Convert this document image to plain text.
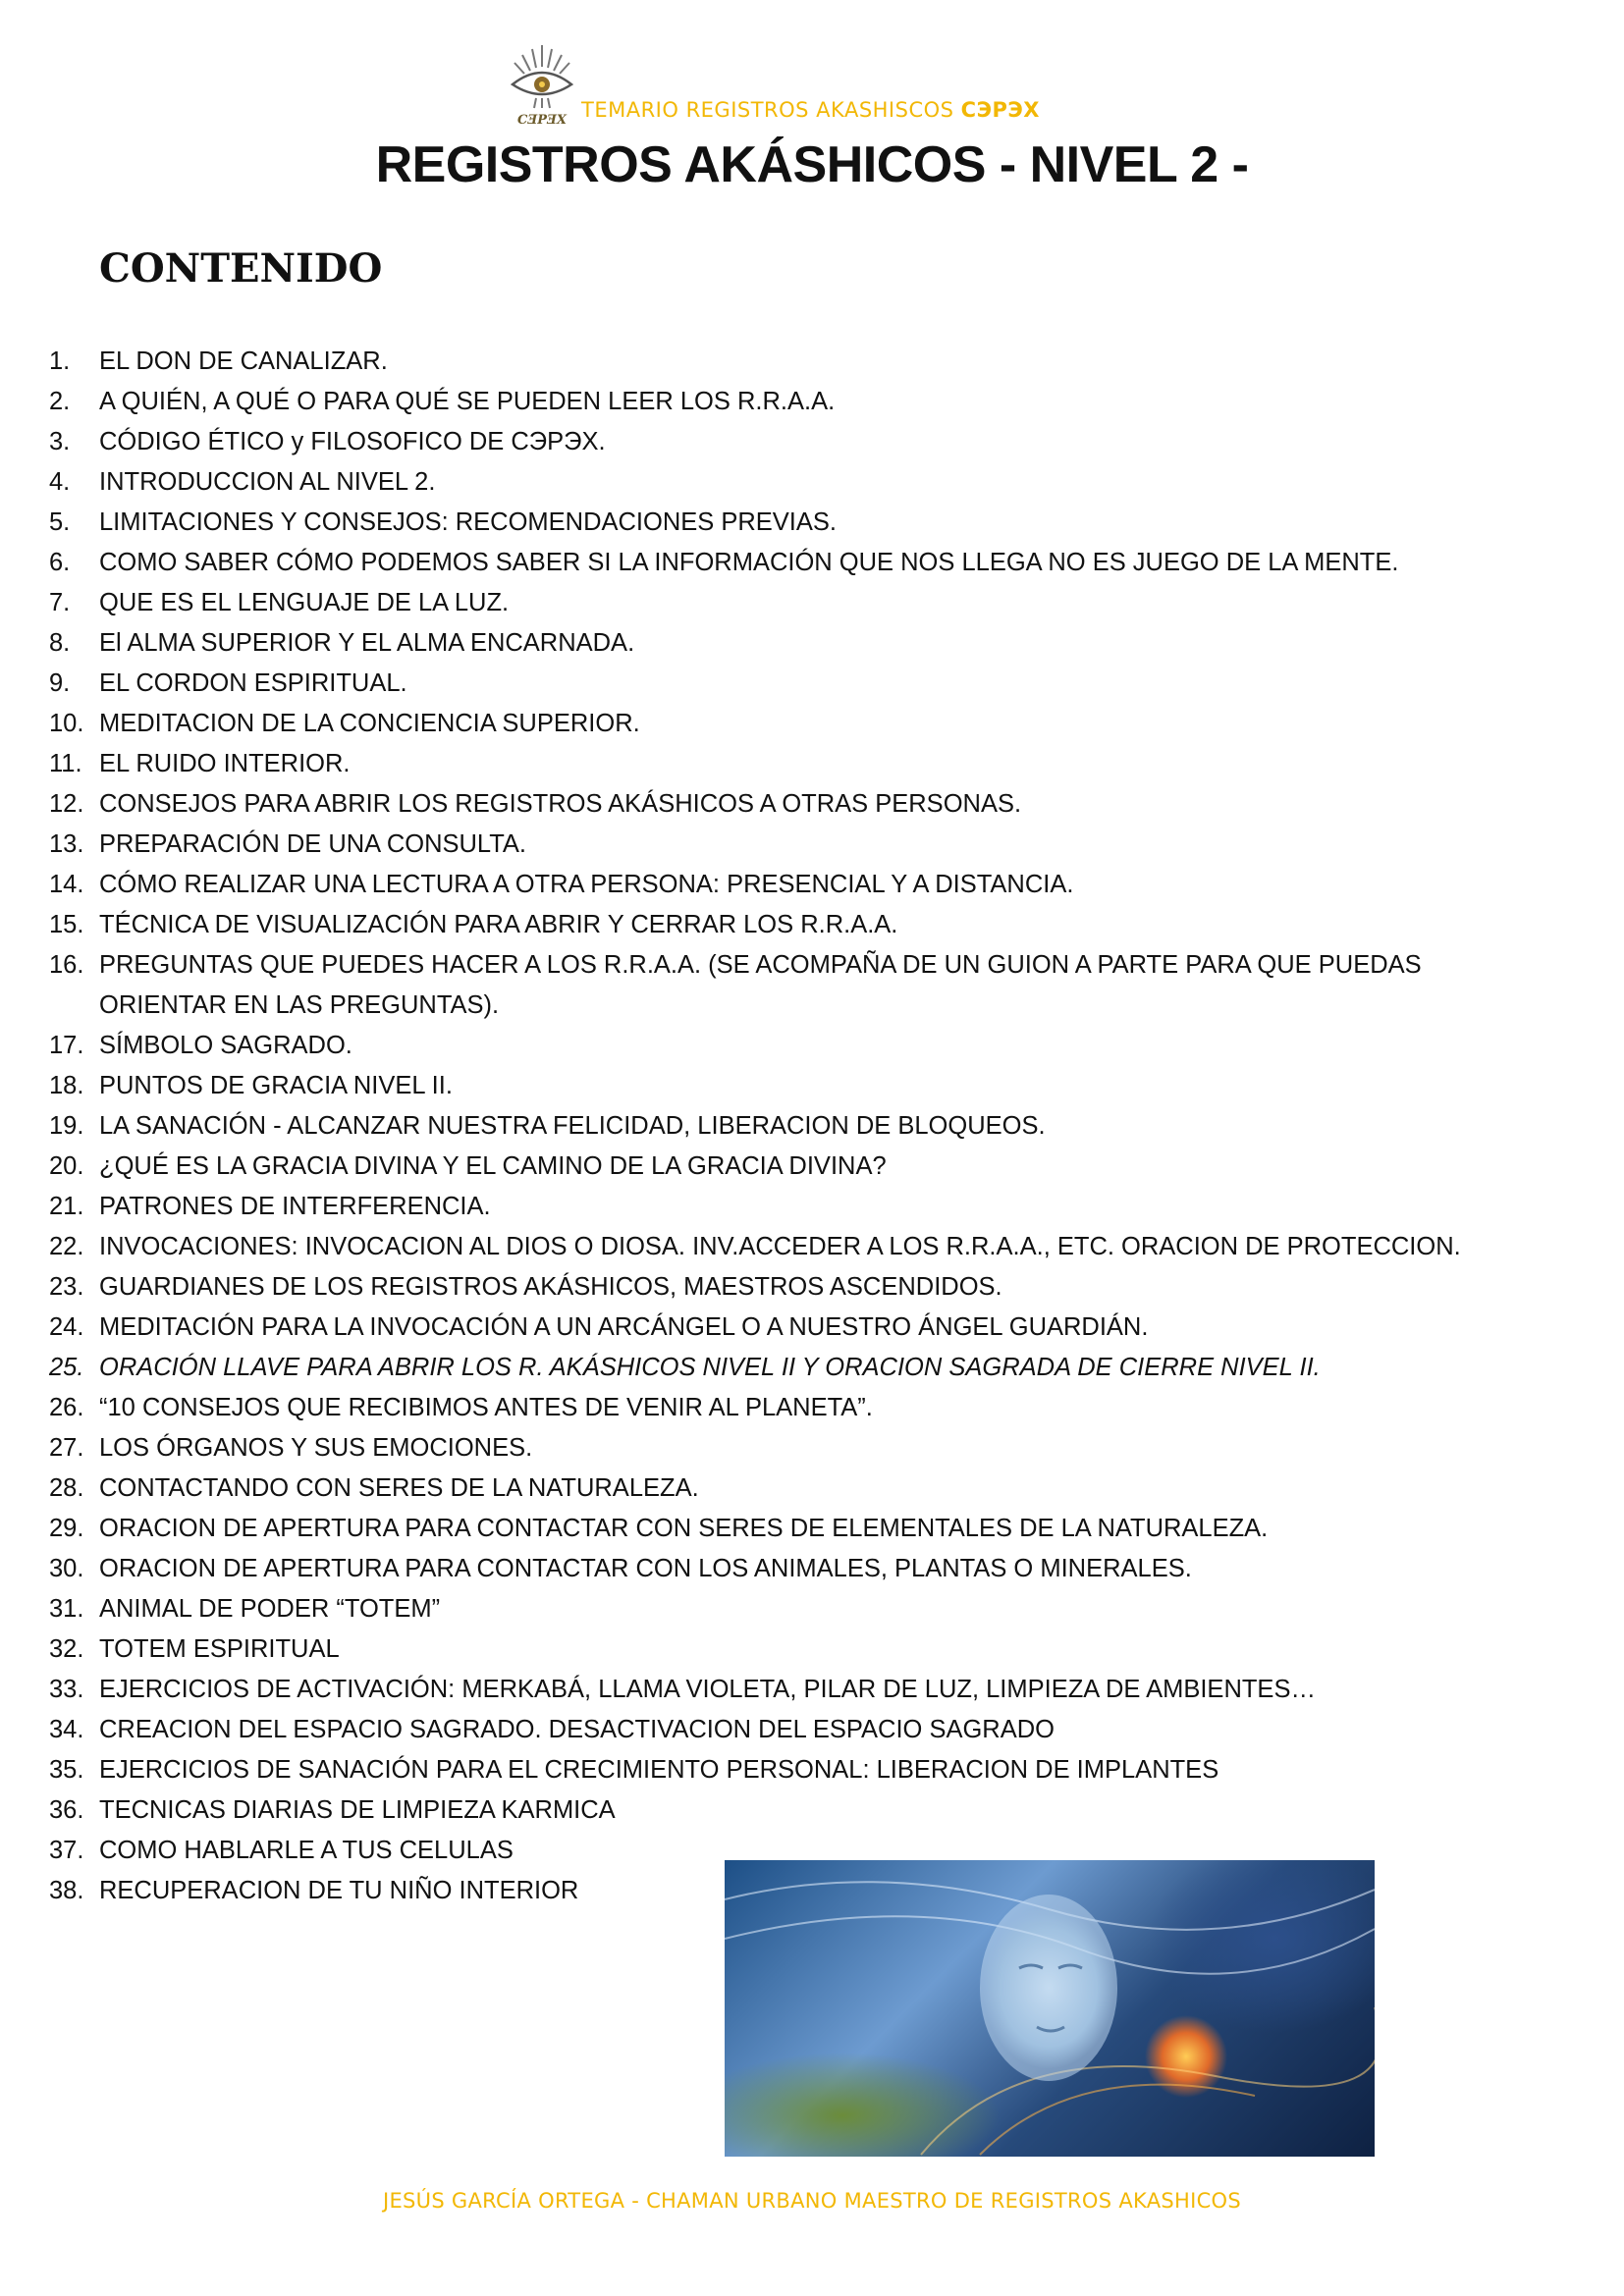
CƎPƎX TEMARIO REGISTROS AKASHISCOS CЭPЭX
REGISTROS AKÁSHICOS - NIVEL 2 -
CONTENIDO
1. EL DON DE CANALIZAR.
2. A QUIÉN, A QUÉ O PARA QUÉ SE PUEDEN LEER LOS R.R.A.A.
3. CÓDIGO ÉTICO y FILOSOFICO DE CЭPЭX.
4. INTRODUCCION AL NIVEL 2.
5. LIMITACIONES Y CONSEJOS: RECOMENDACIONES PREVIAS.
6. COMO SABER CÓMO PODEMOS SABER SI LA INFORMACIÓN QUE NOS LLEGA NO ES JUEGO DE LA MENTE.
7. QUE ES EL LENGUAJE DE LA LUZ.
8. El ALMA SUPERIOR Y EL ALMA ENCARNADA.
9. EL CORDON ESPIRITUAL.
10. MEDITACION DE LA CONCIENCIA SUPERIOR.
11. EL RUIDO INTERIOR.
12. CONSEJOS PARA ABRIR LOS REGISTROS AKÁSHICOS A OTRAS PERSONAS.
13. PREPARACIÓN DE UNA CONSULTA.
14. CÓMO REALIZAR UNA LECTURA A OTRA PERSONA: PRESENCIAL Y A DISTANCIA.
15. TÉCNICA DE VISUALIZACIÓN PARA ABRIR Y CERRAR LOS R.R.A.A.
16. PREGUNTAS QUE PUEDES HACER A LOS R.R.A.A. (SE ACOMPAÑA DE UN GUION A PARTE PARA QUE PUEDAS ORIENTAR EN LAS PREGUNTAS).
17. SÍMBOLO SAGRADO.
18. PUNTOS DE GRACIA NIVEL II.
19. LA SANACIÓN - ALCANZAR NUESTRA FELICIDAD, LIBERACION DE BLOQUEOS.
20. ¿QUÉ ES LA GRACIA DIVINA Y EL CAMINO DE LA GRACIA DIVINA?
21. PATRONES DE INTERFERENCIA.
22. INVOCACIONES: INVOCACION AL DIOS O DIOSA. INV.ACCEDER A LOS R.R.A.A., ETC. ORACION DE PROTECCION.
23. GUARDIANES DE LOS REGISTROS AKÁSHICOS, MAESTROS ASCENDIDOS.
24. MEDITACIÓN PARA LA INVOCACIÓN A UN ARCÁNGEL O A NUESTRO ÁNGEL GUARDIÁN.
25. ORACIÓN LLAVE PARA ABRIR LOS R. AKÁSHICOS NIVEL II Y ORACION SAGRADA DE CIERRE NIVEL II.
26. “10 CONSEJOS QUE RECIBIMOS ANTES DE VENIR AL PLANETA”.
27. LOS ÓRGANOS Y SUS EMOCIONES.
28. CONTACTANDO CON SERES DE LA NATURALEZA.
29. ORACION DE APERTURA PARA CONTACTAR CON SERES DE ELEMENTALES DE LA NATURALEZA.
30. ORACION DE APERTURA PARA CONTACTAR CON LOS ANIMALES, PLANTAS O MINERALES.
31. ANIMAL DE PODER “TOTEM”
32. TOTEM ESPIRITUAL
33. EJERCICIOS DE ACTIVACIÓN: MERKABÁ, LLAMA VIOLETA, PILAR DE LUZ, LIMPIEZA DE AMBIENTES…
34. CREACION DEL ESPACIO SAGRADO. DESACTIVACION DEL ESPACIO SAGRADO
35. EJERCICIOS DE SANACIÓN PARA EL CRECIMIENTO PERSONAL: LIBERACION DE IMPLANTES
36. TECNICAS DIARIAS DE LIMPIEZA KARMICA
37. COMO HABLARLE A TUS CELULAS
38. RECUPERACION DE TU NIÑO INTERIOR
JESÚS GARCÍA ORTEGA - CHAMAN URBANO MAESTRO DE REGISTROS AKASHICOS
